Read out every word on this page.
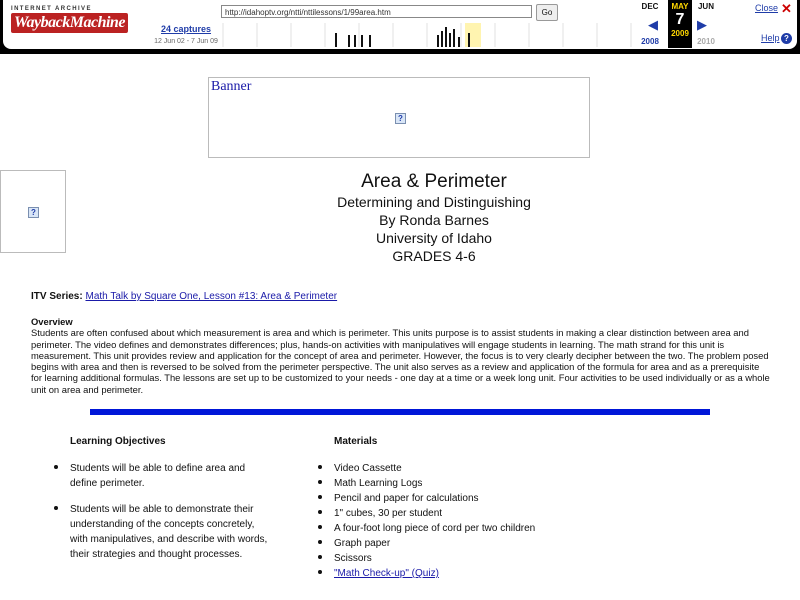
INTERNET ARCHIVE
WaybackMachine	24 captures
12 Jun 02 - 7 Jun 09
http://idahoptv.org/ntti/nttilessons/1/99area.htm	Go
DEC
◀
2008
MAY
7
2009
JUN
▶
2010
Close ✕
Help ?
Banner
?
?
Area & Perimeter
Determining and Distinguishing
By Ronda Barnes
University of Idaho
GRADES 4-6
ITV Series: Math Talk by Square One, Lesson #13: Area & Perimeter
Overview
Students are often confused about which measurement is area and which is perimeter. This units purpose is to assist students in making a clear distinction between area and perimeter. The video defines and demonstrates differences; plus, hands-on activities with manipulatives will engage students in learning. The math strand for this unit is measurement. This unit provides review and application for the concept of area and perimeter. However, the focus is to very clearly decipher between the two. The problem posed begins with area and then is reversed to be solved from the perimeter perspective. The unit also serves as a review and application of the formula for area and as a prerequisite for learning additional formulas. The lessons are set up to be customized to your needs - one day at a time or a week long unit. Four activities to be used individually or as a whole unit on area and perimeter.
Learning Objectives
Students will be able to define area and define perimeter.
Students will be able to demonstrate their understanding of the concepts concretely, with manipulatives, and describe with words, their strategies and thought processes.
Materials
Video Cassette
Math Learning Logs
Pencil and paper for calculations
1" cubes, 30 per student
A four-foot long piece of cord per two children
Graph paper
Scissors
"Math Check-up" (Quiz)
